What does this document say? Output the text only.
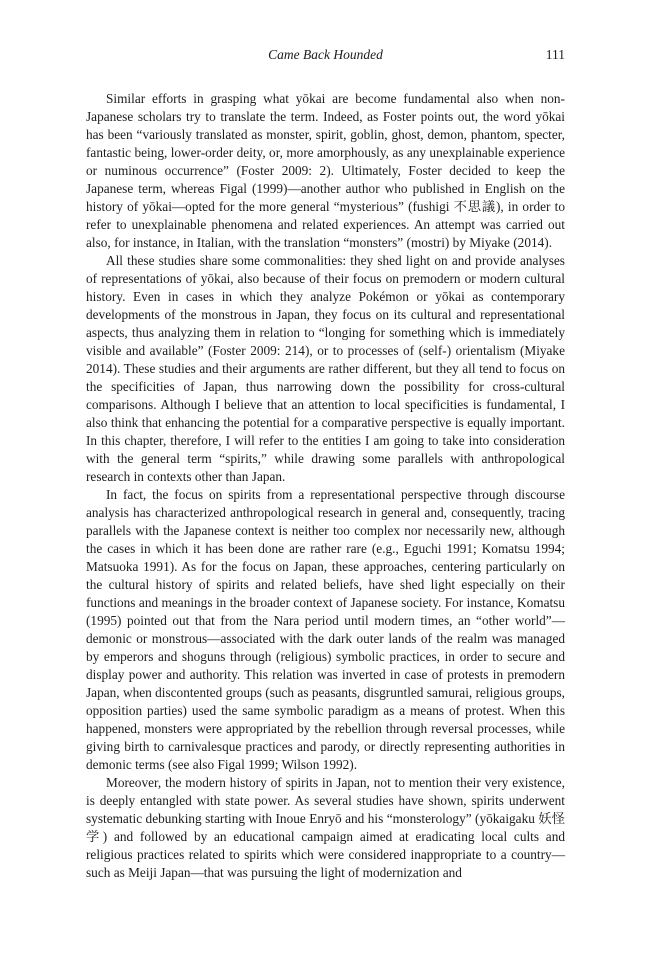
Came Back Hounded	111

Similar efforts in grasping what yōkai are become fundamental also when non-Japanese scholars try to translate the term. Indeed, as Foster points out, the word yōkai has been “variously translated as monster, spirit, goblin, ghost, demon, phantom, specter, fantastic being, lower-order deity, or, more amorphously, as any unexplainable experience or numinous occurrence” (Foster 2009: 2). Ultimately, Foster decided to keep the Japanese term, whereas Figal (1999)—another author who published in English on the history of yōkai—opted for the more general “mysterious” (fushigi 不思議), in order to refer to unexplainable phenomena and related experiences. An attempt was carried out also, for instance, in Italian, with the translation “monsters” (mostri) by Miyake (2014).

All these studies share some commonalities: they shed light on and provide analyses of representations of yōkai, also because of their focus on premodern or modern cultural history. Even in cases in which they analyze Pokémon or yōkai as contemporary developments of the monstrous in Japan, they focus on its cultural and representational aspects, thus analyzing them in relation to “longing for something which is immediately visible and available” (Foster 2009: 214), or to processes of (self-) orientalism (Miyake 2014). These studies and their arguments are rather different, but they all tend to focus on the specificities of Japan, thus narrowing down the possibility for cross-cultural comparisons. Although I believe that an attention to local specificities is fundamental, I also think that enhancing the potential for a comparative perspective is equally important. In this chapter, therefore, I will refer to the entities I am going to take into consideration with the general term “spirits,” while drawing some parallels with anthropological research in contexts other than Japan.

In fact, the focus on spirits from a representational perspective through discourse analysis has characterized anthropological research in general and, consequently, tracing parallels with the Japanese context is neither too complex nor necessarily new, although the cases in which it has been done are rather rare (e.g., Eguchi 1991; Komatsu 1994; Matsuoka 1991). As for the focus on Japan, these approaches, centering particularly on the cultural history of spirits and related beliefs, have shed light especially on their functions and meanings in the broader context of Japanese society. For instance, Komatsu (1995) pointed out that from the Nara period until modern times, an “other world”—demonic or monstrous—associated with the dark outer lands of the realm was managed by emperors and shoguns through (religious) symbolic practices, in order to secure and display power and authority. This relation was inverted in case of protests in premodern Japan, when discontented groups (such as peasants, disgruntled samurai, religious groups, opposition parties) used the same symbolic paradigm as a means of protest. When this happened, monsters were appropriated by the rebellion through reversal processes, while giving birth to carnivalesque practices and parody, or directly representing authorities in demonic terms (see also Figal 1999; Wilson 1992).

Moreover, the modern history of spirits in Japan, not to mention their very existence, is deeply entangled with state power. As several studies have shown, spirits underwent systematic debunking starting with Inoue Enryō and his “monsterology” (yōkaigaku 妖怪学) and followed by an educational campaign aimed at eradicating local cults and religious practices related to spirits which were considered inappropriate to a country—such as Meiji Japan—that was pursuing the light of modernization and
